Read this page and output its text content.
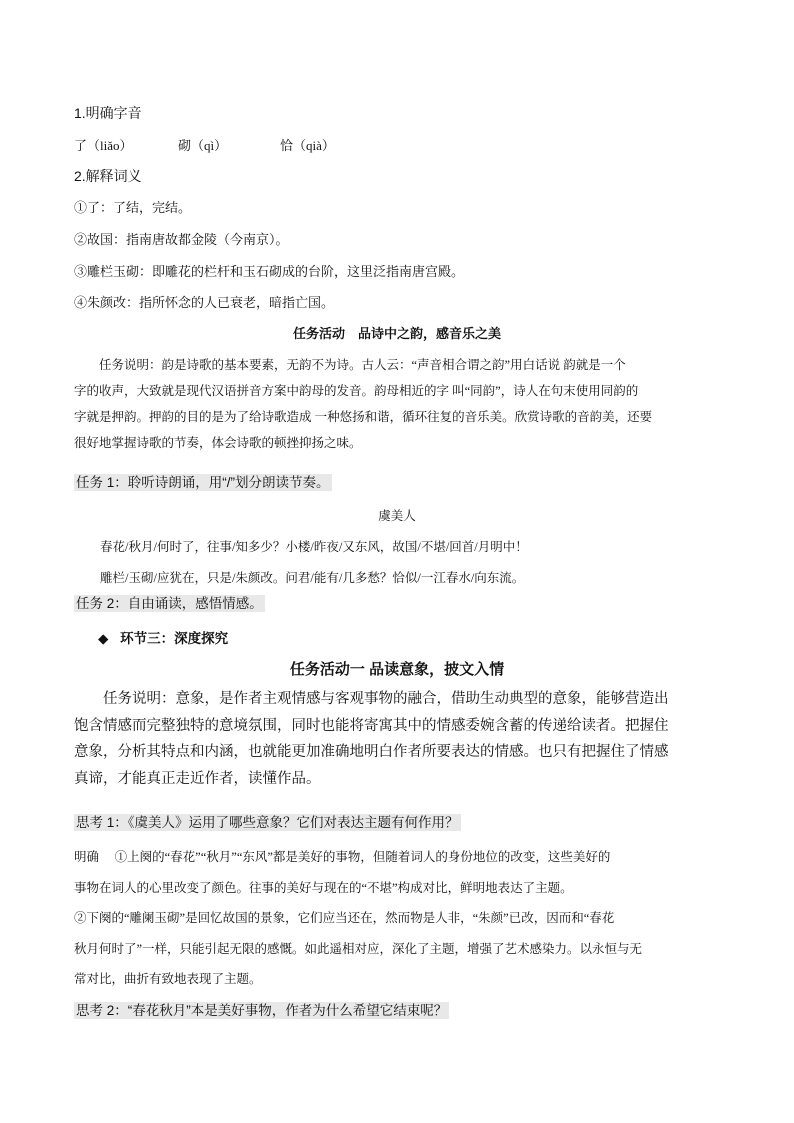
1.明确字音
了（liǎo）	砌（qì）	恰（qià）
2.解释词义
①了：了结，完结。
②故国：指南唐故都金陵（今南京）。
③雕栏玉砌：即雕花的栏杆和玉石砌成的台阶，这里泛指南唐宫殿。
④朱颜改：指所怀念的人已衰老，暗指亡国。
任务活动　品诗中之韵，感音乐之美

任务说明：韵是诗歌的基本要素，无韵不为诗。古人云：“声音相合谓之韵”用白话说 韵就是一个

字的收声，大致就是现代汉语拼音方案中韵母的发音。韵母相近的字 叫“同韵”，诗人在句末使用同韵的

字就是押韵。押韵的目的是为了给诗歌造成 一种悠扬和谐，循环往复的音乐美。欣赏诗歌的音韵美，还要

很好地掌握诗歌的节奏，体会诗歌的顿挫抑扬之味。

任务 1：聆听诗朗诵，用“/”划分朗读节奏。
虞美人
春花/秋月/何时了，往事/知多少？小楼/昨夜/又东风，故国/不堪/回首/月明中！
雕栏/玉砌/应犹在，只是/朱颜改。问君/能有/几多愁？恰似/一江春水/向东流。
任务 2：自由诵读，感悟情感。
◆ 环节三：深度探究
任务活动一 品读意象，披文入情

任务说明：意象，是作者主观情感与客观事物的融合，借助生动典型的意象，能够营造出

饱含情感而完整独特的意境氛围，同时也能将寄寓其中的情感委婉含蓄的传递给读者。把握住

意象，分析其特点和内涵，也就能更加准确地明白作者所要表达的情感。也只有把握住了情感

真谛，才能真正走近作者，读懂作品。

思考 1：《虞美人》运用了哪些意象？它们对表达主题有何作用？

明确　 ①上阕的“春花”“秋月”“东风”都是美好的事物，但随着词人的身份地位的改变，这些美好的

事物在词人的心里改变了颜色。往事的美好与现在的“不堪”构成对比，鲜明地表达了主题。

②下阕的“雕阑玉砌”是回忆故国的景象，它们应当还在，然而物是人非，“朱颜”已改，因而和“春花

秋月何时了”一样，只能引起无限的感慨。如此遥相对应，深化了主题，增强了艺术感染力。以永恒与无

常对比，曲折有致地表现了主题。

思考 2：“春花秋月”本是美好事物，作者为什么希望它结束呢？
